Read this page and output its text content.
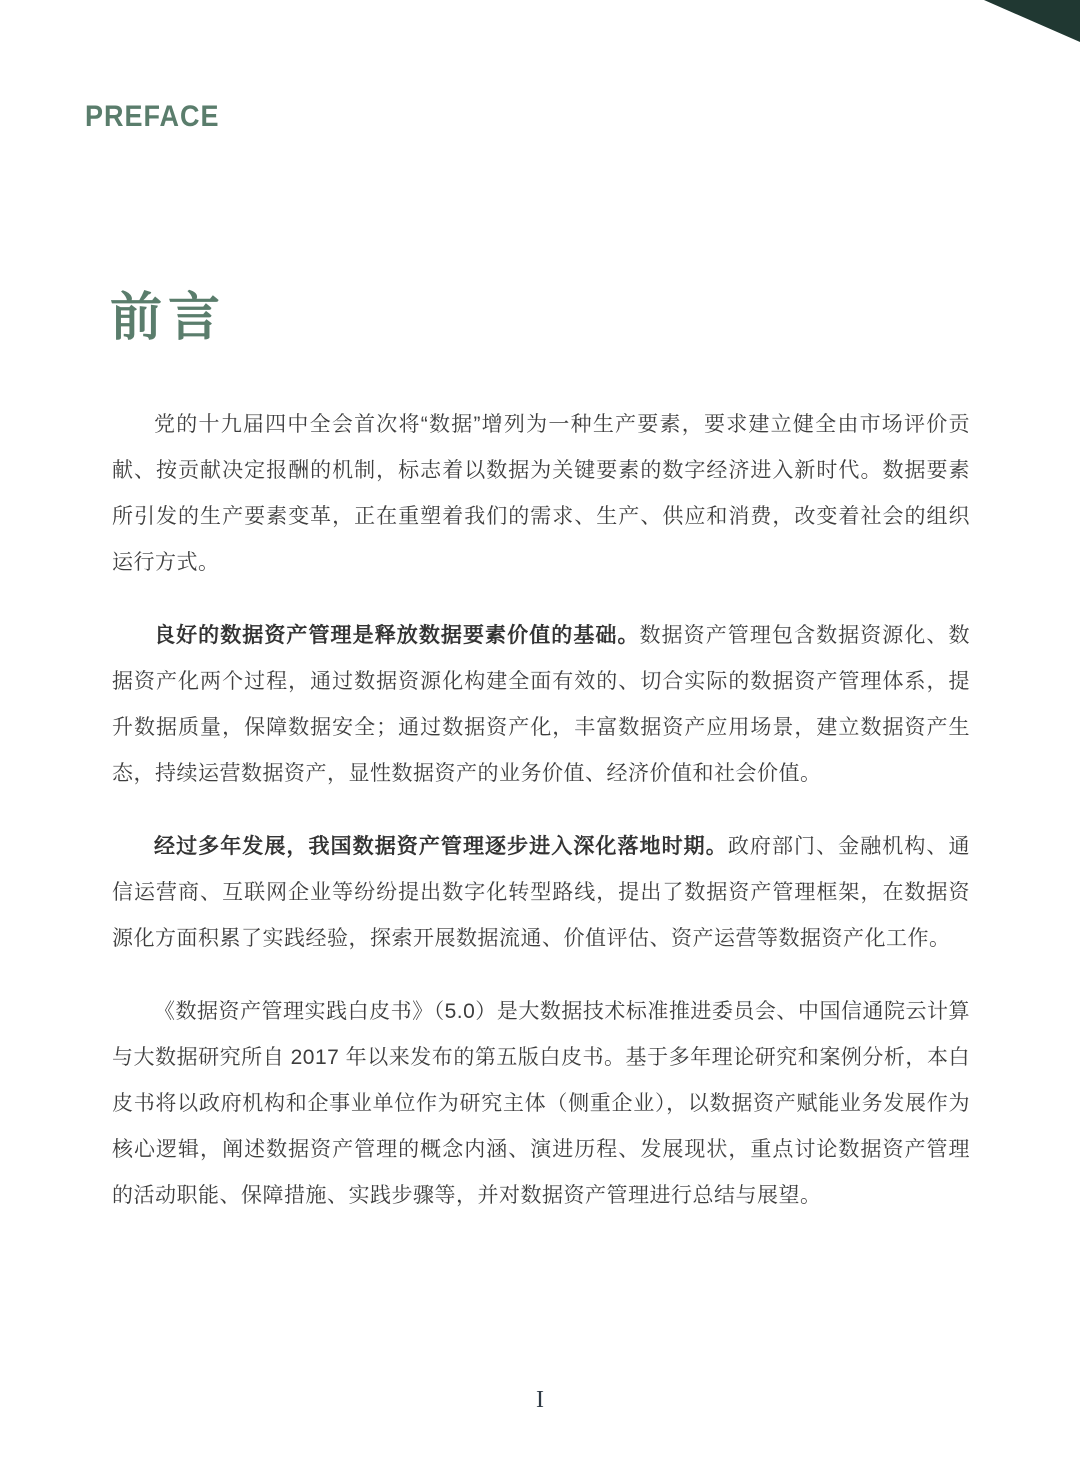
PREFACE
前言

党的十九届四中全会首次将“数据”增列为一种生产要素，要求建立健全由市场评价贡献、按贡献决定报酬的机制，标志着以数据为关键要素的数字经济进入新时代。数据要素所引发的生产要素变革，正在重塑着我们的需求、生产、供应和消费，改变着社会的组织运行方式。

良好的数据资产管理是释放数据要素价值的基础。数据资产管理包含数据资源化、数据资产化两个过程，通过数据资源化构建全面有效的、切合实际的数据资产管理体系，提升数据质量，保障数据安全；通过数据资产化，丰富数据资产应用场景，建立数据资产生态，持续运营数据资产，显性数据资产的业务价值、经济价值和社会价值。

经过多年发展，我国数据资产管理逐步进入深化落地时期。政府部门、金融机构、通信运营商、互联网企业等纷纷提出数字化转型路线，提出了数据资产管理框架，在数据资源化方面积累了实践经验，探索开展数据流通、价值评估、资产运营等数据资产化工作。

《数据资产管理实践白皮书》（5.0）是大数据技术标准推进委员会、中国信通院云计算与大数据研究所自 2017 年以来发布的第五版白皮书。基于多年理论研究和案例分析，本白皮书将以政府机构和企事业单位作为研究主体（侧重企业），以数据资产赋能业务发展作为核心逻辑，阐述数据资产管理的概念内涵、演进历程、发展现状，重点讨论数据资产管理的活动职能、保障措施、实践步骤等，并对数据资产管理进行总结与展望。

I
